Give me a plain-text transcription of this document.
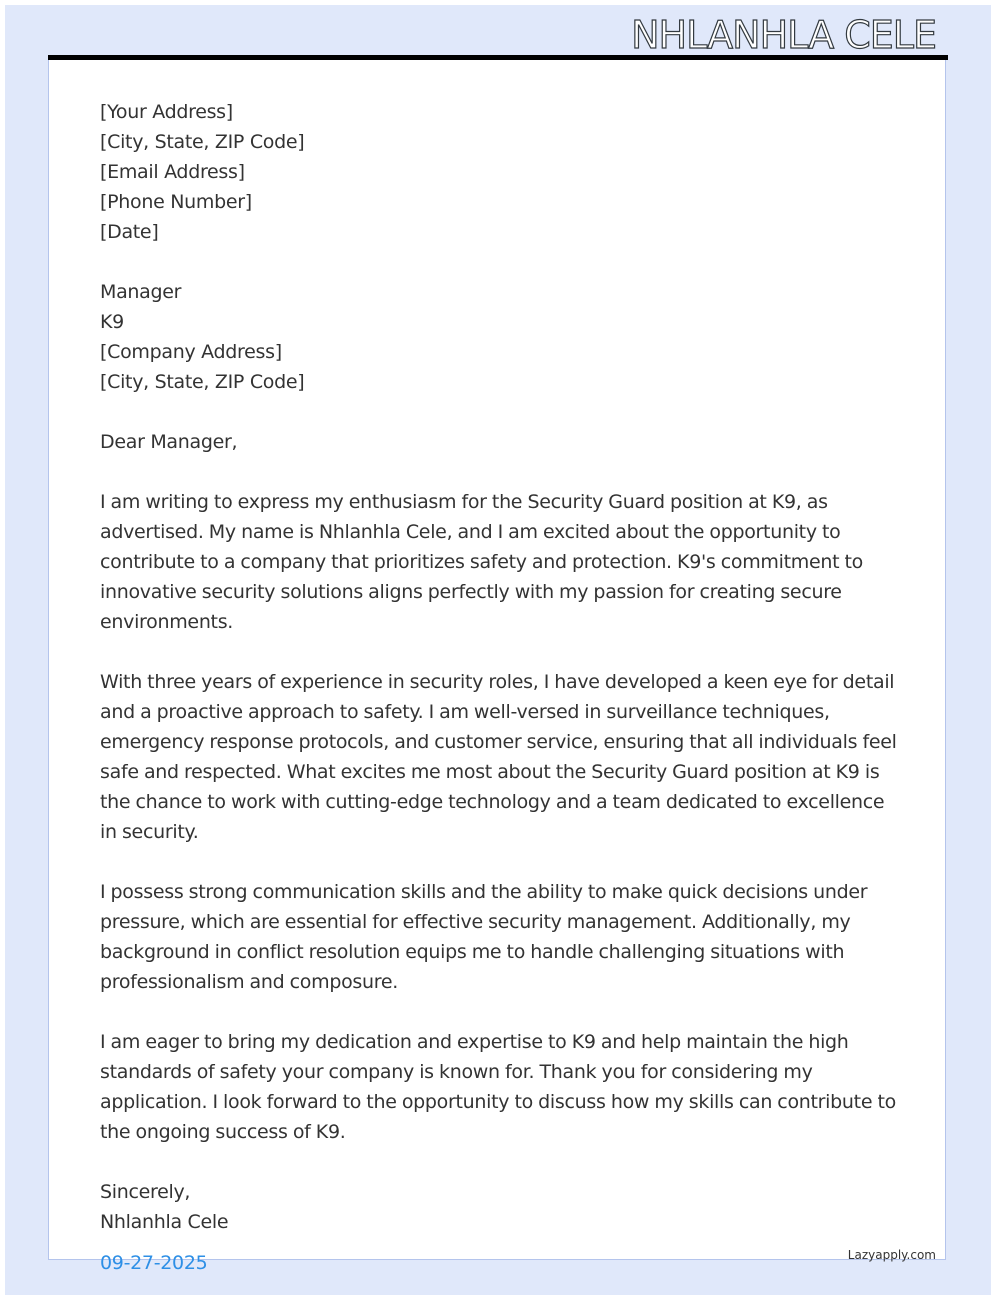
NHLANHLA CELE
[Your Address]
[City, State, ZIP Code]
[Email Address]
[Phone Number]
[Date]
Manager
K9
[Company Address]
[City, State, ZIP Code]
Dear Manager,
I am writing to express my enthusiasm for the Security Guard position at K9, as advertised. My name is Nhlanhla Cele, and I am excited about the opportunity to contribute to a company that prioritizes safety and protection. K9's commitment to innovative security solutions aligns perfectly with my passion for creating secure environments.
With three years of experience in security roles, I have developed a keen eye for detail and a proactive approach to safety. I am well-versed in surveillance techniques, emergency response protocols, and customer service, ensuring that all individuals feel safe and respected. What excites me most about the Security Guard position at K9 is the chance to work with cutting-edge technology and a team dedicated to excellence in security.
I possess strong communication skills and the ability to make quick decisions under pressure, which are essential for effective security management. Additionally, my background in conflict resolution equips me to handle challenging situations with professionalism and composure.
I am eager to bring my dedication and expertise to K9 and help maintain the high standards of safety your company is known for. Thank you for considering my application. I look forward to the opportunity to discuss how my skills can contribute to the ongoing success of K9.
Sincerely,
Nhlanhla Cele
09-27-2025	Lazyapply.com
